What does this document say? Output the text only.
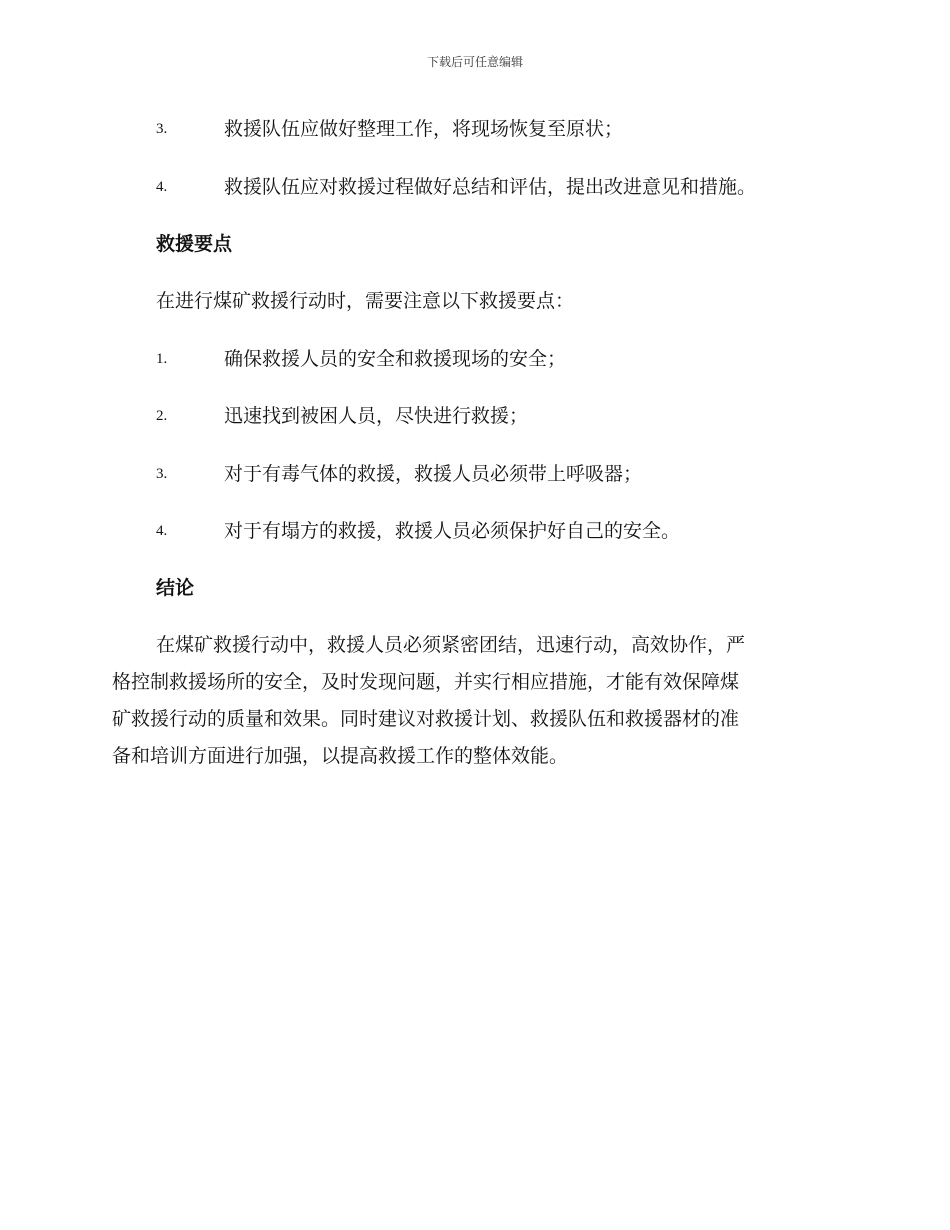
下载后可任意编辑
3.	救援队伍应做好整理工作，将现场恢复至原状；
4.	救援队伍应对救援过程做好总结和评估，提出改进意见和措施。
救援要点
在进行煤矿救援行动时，需要注意以下救援要点：
1.	确保救援人员的安全和救援现场的安全；
2.	迅速找到被困人员，尽快进行救援；
3.	对于有毒气体的救援，救援人员必须带上呼吸器；
4.	对于有塌方的救援，救援人员必须保护好自己的安全。
结论
在煤矿救援行动中，救援人员必须紧密团结，迅速行动，高效协作，严
格控制救援场所的安全，及时发现问题，并实行相应措施，才能有效保障煤
矿救援行动的质量和效果。同时建议对救援计划、救援队伍和救援器材的准
备和培训方面进行加强，以提高救援工作的整体效能。
